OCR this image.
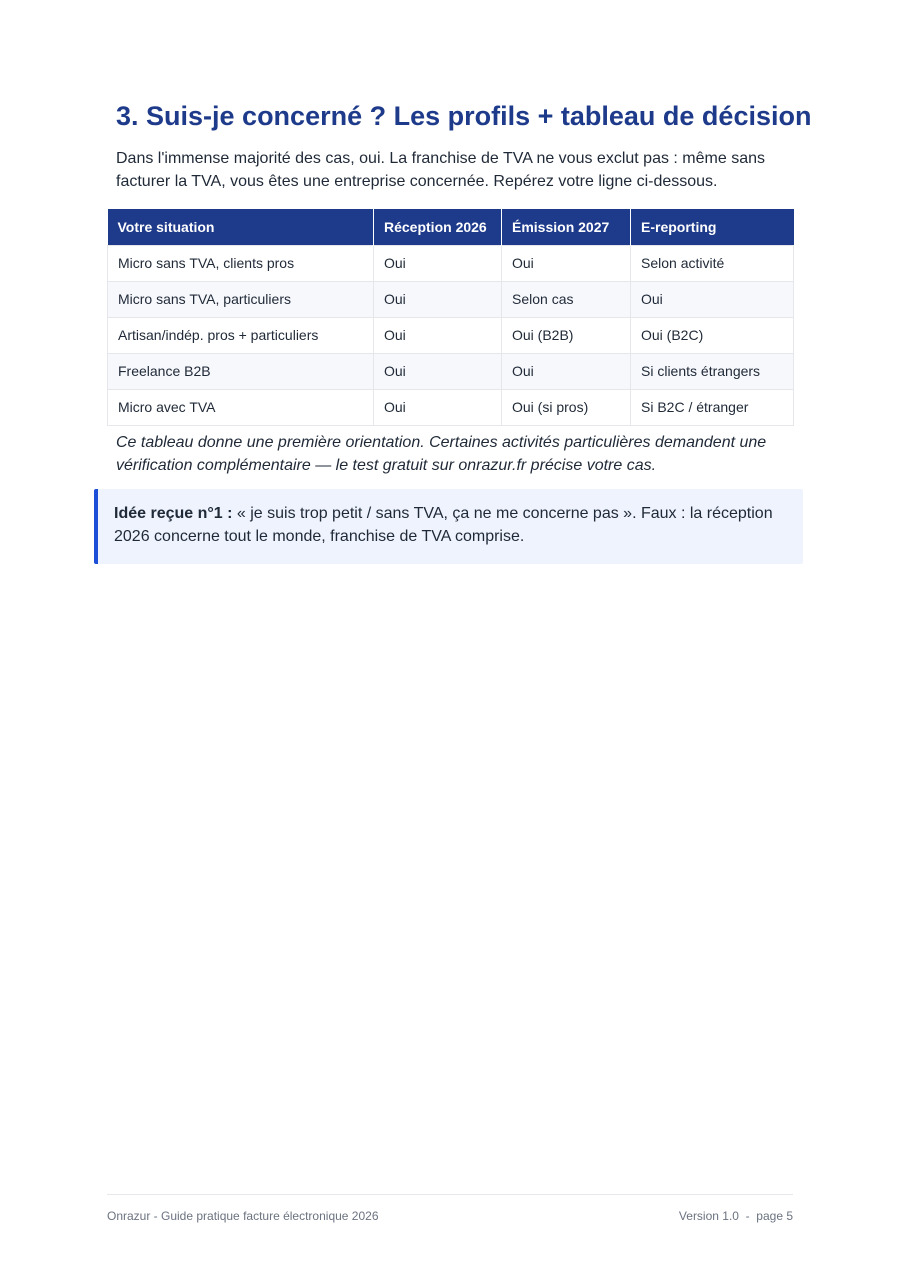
3. Suis-je concerné ? Les profils + tableau de décision

Dans l'immense majorité des cas, oui. La franchise de TVA ne vous exclut pas : même sans facturer la TVA, vous êtes une entreprise concernée. Repérez votre ligne ci-dessous.

Votre situation	Réception 2026	Émission 2027	E-reporting
Micro sans TVA, clients pros	Oui	Oui	Selon activité
Micro sans TVA, particuliers	Oui	Selon cas	Oui
Artisan/indép. pros + particuliers	Oui	Oui (B2B)	Oui (B2C)
Freelance B2B	Oui	Oui	Si clients étrangers
Micro avec TVA	Oui	Oui (si pros)	Si B2C / étranger

Ce tableau donne une première orientation. Certaines activités particulières demandent une vérification complémentaire — le test gratuit sur onrazur.fr précise votre cas.

Idée reçue n°1 : « je suis trop petit / sans TVA, ça ne me concerne pas ». Faux : la réception 2026 concerne tout le monde, franchise de TVA comprise.

Onrazur - Guide pratique facture électronique 2026	Version 1.0  -  page 5
